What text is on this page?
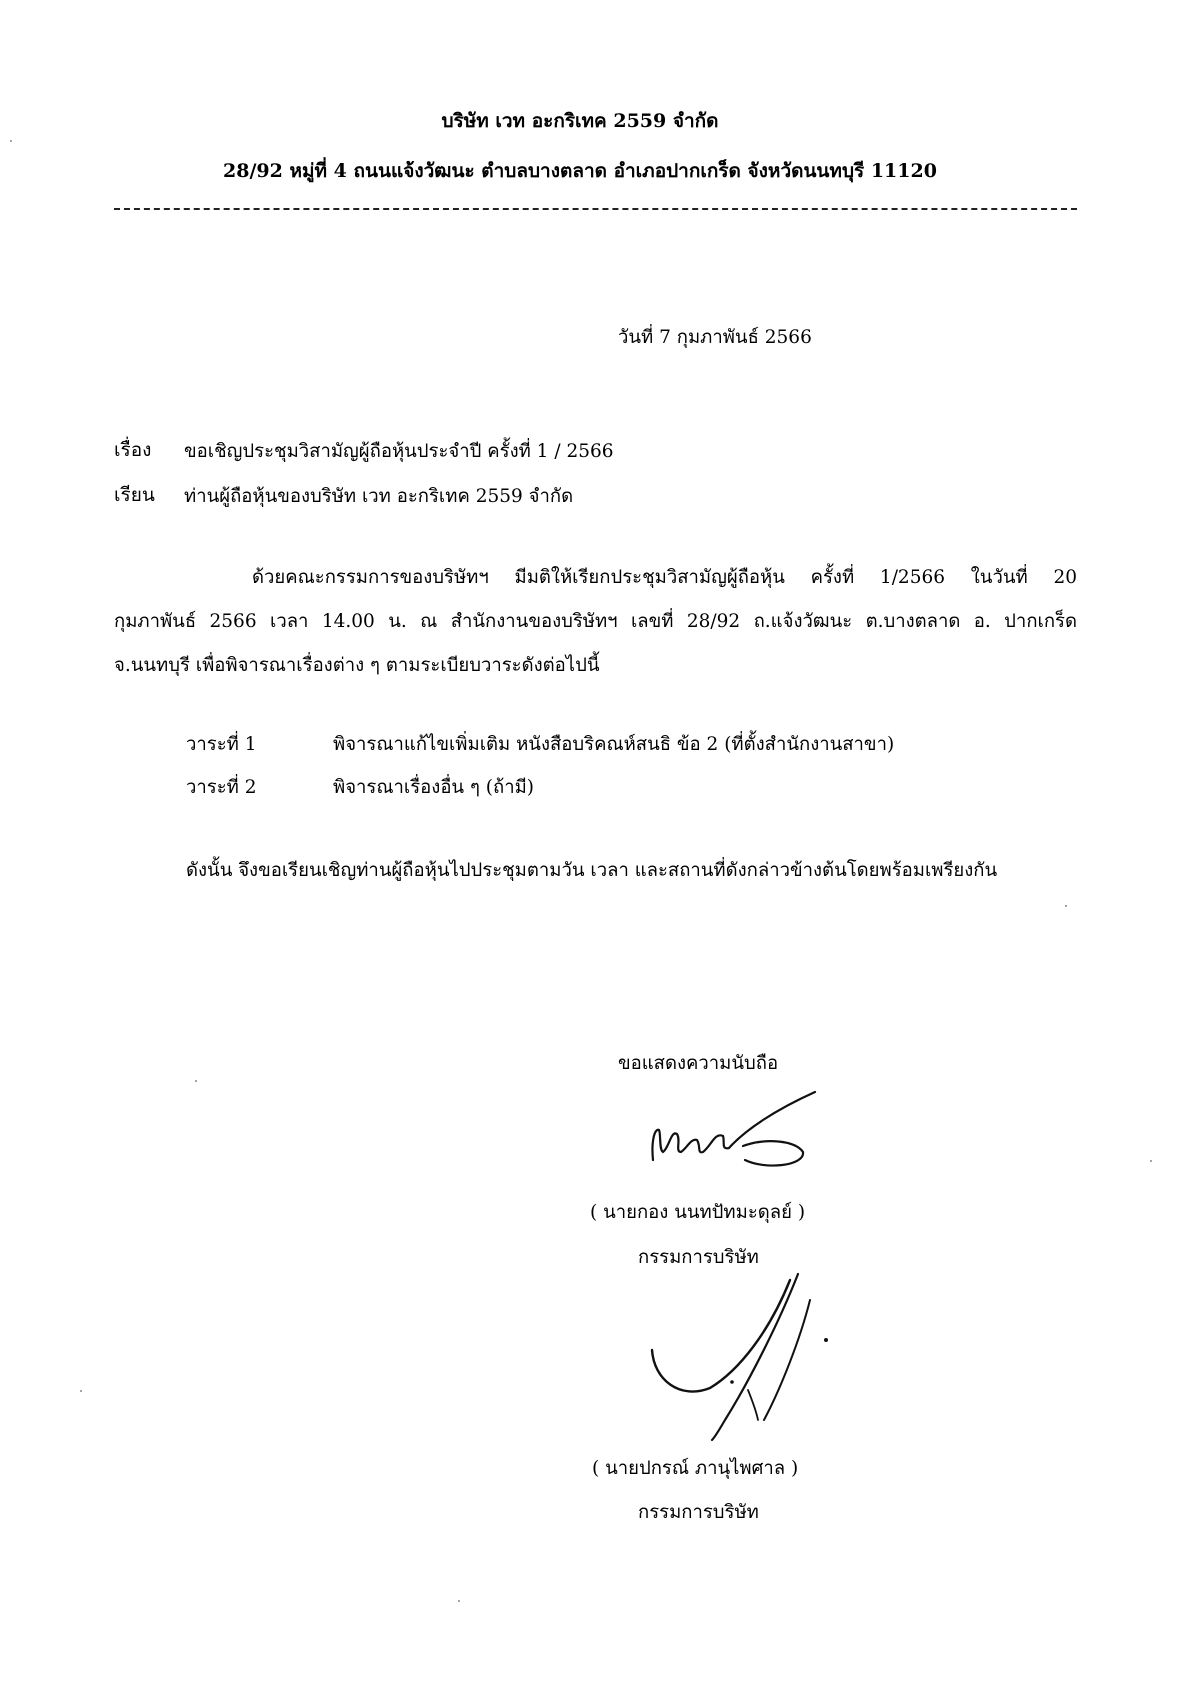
บริษัท เวท อะกริเทค 2559 จำกัด
28/92 หมู่ที่ 4 ถนนแจ้งวัฒนะ ตำบลบางตลาด อำเภอปากเกร็ด จังหวัดนนทบุรี 11120
วันที่ 7 กุมภาพันธ์ 2566
เรื่อง ขอเชิญประชุมวิสามัญผู้ถือหุ้นประจำปี ครั้งที่ 1 / 2566
เรียน ท่านผู้ถือหุ้นของบริษัท เวท อะกริเทค 2559 จำกัด
ด้วยคณะกรรมการของบริษัทฯ มีมติให้เรียกประชุมวิสามัญผู้ถือหุ้น ครั้งที่ 1/2566 ในวันที่ 20
กุมภาพันธ์ 2566 เวลา 14.00 น. ณ สำนักงานของบริษัทฯ เลขที่ 28/92 ถ.แจ้งวัฒนะ ต.บางตลาด อ. ปากเกร็ด
จ.นนทบุรี เพื่อพิจารณาเรื่องต่าง ๆ ตามระเบียบวาระดังต่อไปนี้
วาระที่ 1	พิจารณาแก้ไขเพิ่มเติม หนังสือบริคณห์สนธิ ข้อ 2 (ที่ตั้งสำนักงานสาขา)
วาระที่ 2	พิจารณาเรื่องอื่น ๆ (ถ้ามี)
ดังนั้น จึงขอเรียนเชิญท่านผู้ถือหุ้นไปประชุมตามวัน เวลา และสถานที่ดังกล่าวข้างต้นโดยพร้อมเพรียงกัน
ขอแสดงความนับถือ
( นายกอง นนทปัทมะดุลย์ )
กรรมการบริษัท
( นายปกรณ์ ภานุไพศาล )
กรรมการบริษัท
